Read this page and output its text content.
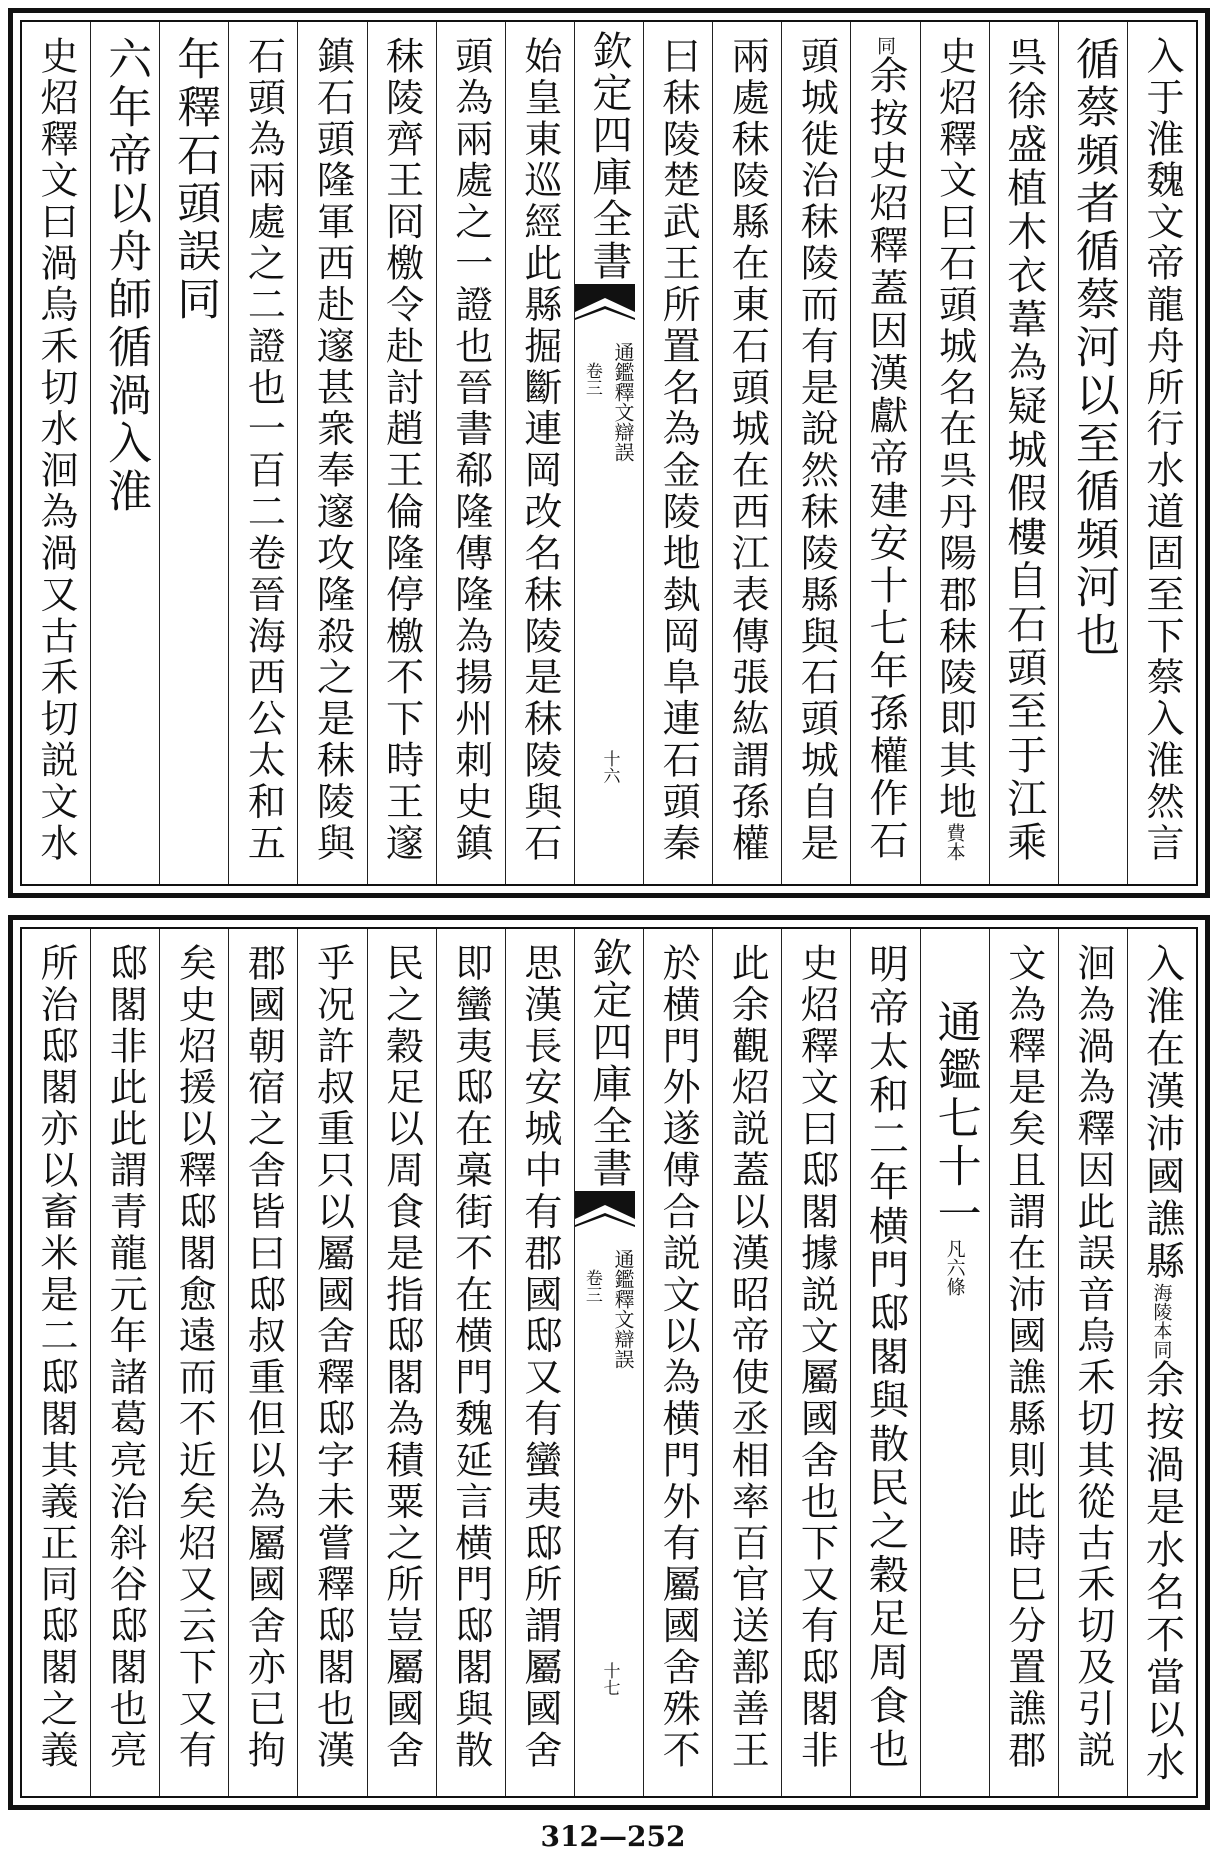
入于淮魏文帝龍舟所行水道固至下蔡入淮然言
循蔡頻者循蔡河以至循頻河也
呉徐盛植木衣葦為疑城假樓自石頭至于江乘
史炤釋文曰石頭城名在呉丹陽郡秣陵即其地費本
同余按史炤釋蓋因漢獻帝建安十七年孫權作石
頭城徙治秣陵而有是說然秣陵縣與石頭城自是
兩處秣陵縣在東石頭城在西江表傳張紘謂孫權
曰秣陵楚武王所置名為金陵地埶岡阜連石頭秦
欽定四庫全書
通鑑釋文辯誤
卷三
十六
始皇東巡經此縣掘斷連岡改名秣陵是秣陵與石
頭為兩處之一證也晉書郗隆傳隆為揚州刺史鎮
秣陵齊王冏檄令赴討趙王倫隆停檄不下時王邃
鎮石頭隆軍西赴邃甚衆奉邃攻隆殺之是秣陵與
石頭為兩處之二證也一百二卷晉海西公太和五
年釋石頭誤同
六年帝以舟師循渦入淮
史炤釋文曰渦烏禾切水洄為渦又古禾切説文水
入淮在漢沛國譙縣海陵本同余按渦是水名不當以水
洄為渦為釋因此誤音烏禾切其從古禾切及引説
文為釋是矣且謂在沛國譙縣則此時巳分置譙郡
通鑑七十一凡六條
明帝太和二年横門邸閣與散民之穀足周食也
史炤釋文曰邸閣據説文屬國舍也下又有邸閣非
此余觀炤説蓋以漢昭帝使丞相率百官送鄯善王
於横門外遂傅合説文以為横門外有屬國舍殊不
欽定四庫全書
通鑑釋文辯誤
卷三
十七
思漢長安城中有郡國邸又有蠻夷邸所謂屬國舍
即蠻夷邸在槀街不在横門魏延言横門邸閣與散
民之穀足以周食是指邸閣為積粟之所豈屬國舍
乎况許叔重只以屬國舍釋邸字未嘗釋邸閣也漢
郡國朝宿之舎皆曰邸叔重但以為屬國舍亦已拘
矣史炤援以釋邸閣愈遠而不近矣炤又云下又有
邸閣非此此謂青龍元年諸葛亮治斜谷邸閣也亮
所治邸閣亦以畜米是二邸閣其義正同邸閣之義
312—252
